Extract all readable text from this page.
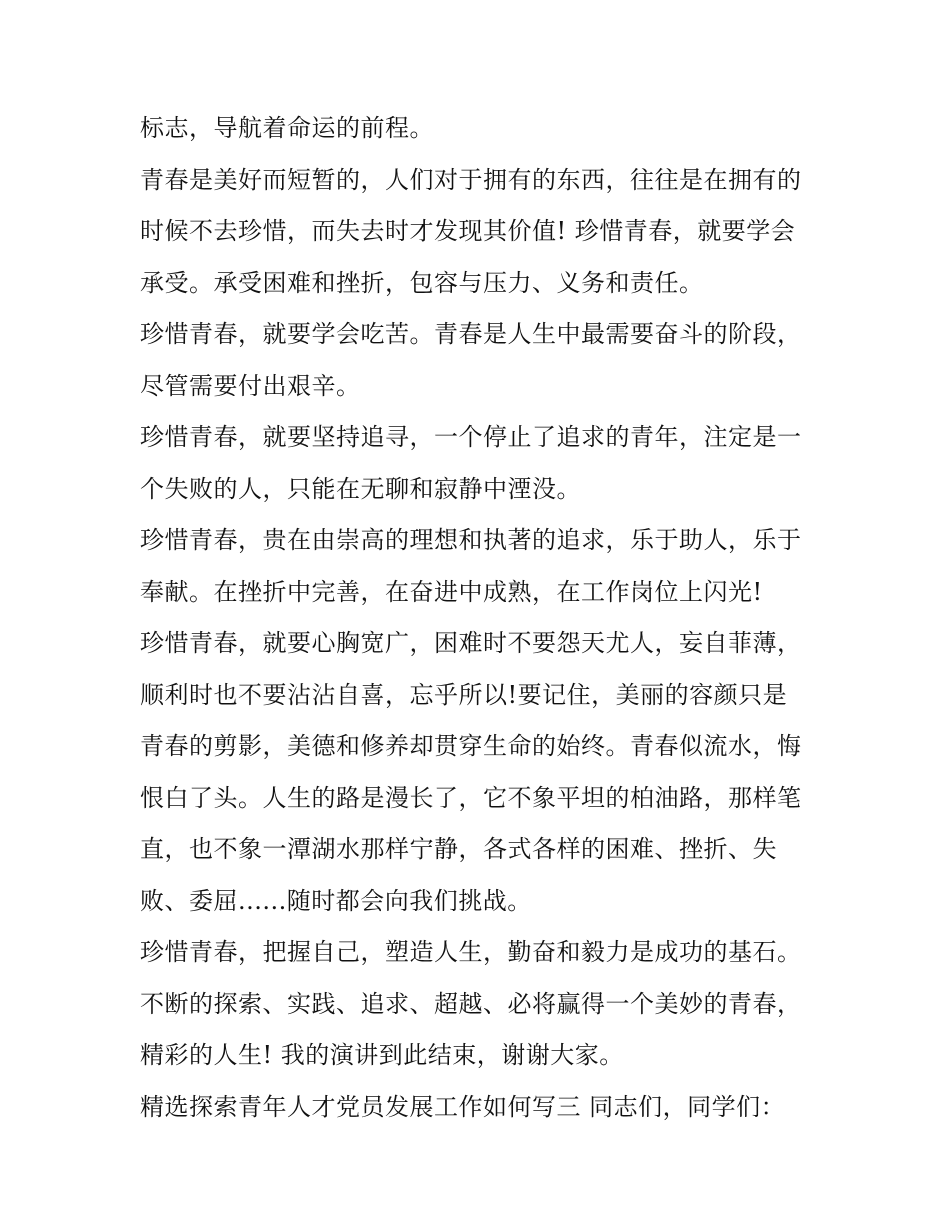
标志，导航着命运的前程。
青春是美好而短暂的，人们对于拥有的东西，往往是在拥有的
时候不去珍惜，而失去时才发现其价值! 珍惜青春，就要学会
承受。承受困难和挫折，包容与压力、义务和责任。
珍惜青春，就要学会吃苦。青春是人生中最需要奋斗的阶段，
尽管需要付出艰辛。
珍惜青春，就要坚持追寻，一个停止了追求的青年，注定是一
个失败的人，只能在无聊和寂静中湮没。
珍惜青春，贵在由崇高的理想和执著的追求，乐于助人，乐于
奉献。在挫折中完善，在奋进中成熟，在工作岗位上闪光!
珍惜青春，就要心胸宽广，困难时不要怨天尤人，妄自菲薄，
顺利时也不要沾沾自喜，忘乎所以!要记住，美丽的容颜只是
青春的剪影，美德和修养却贯穿生命的始终。青春似流水，悔
恨白了头。人生的路是漫长了，它不象平坦的柏油路，那样笔
直，也不象一潭湖水那样宁静，各式各样的困难、挫折、失
败、委屈......随时都会向我们挑战。
珍惜青春，把握自己，塑造人生，勤奋和毅力是成功的基石。
不断的探索、实践、追求、超越、必将赢得一个美妙的青春，
精彩的人生! 我的演讲到此结束，谢谢大家。
精选探索青年人才党员发展工作如何写三 同志们，同学们：
